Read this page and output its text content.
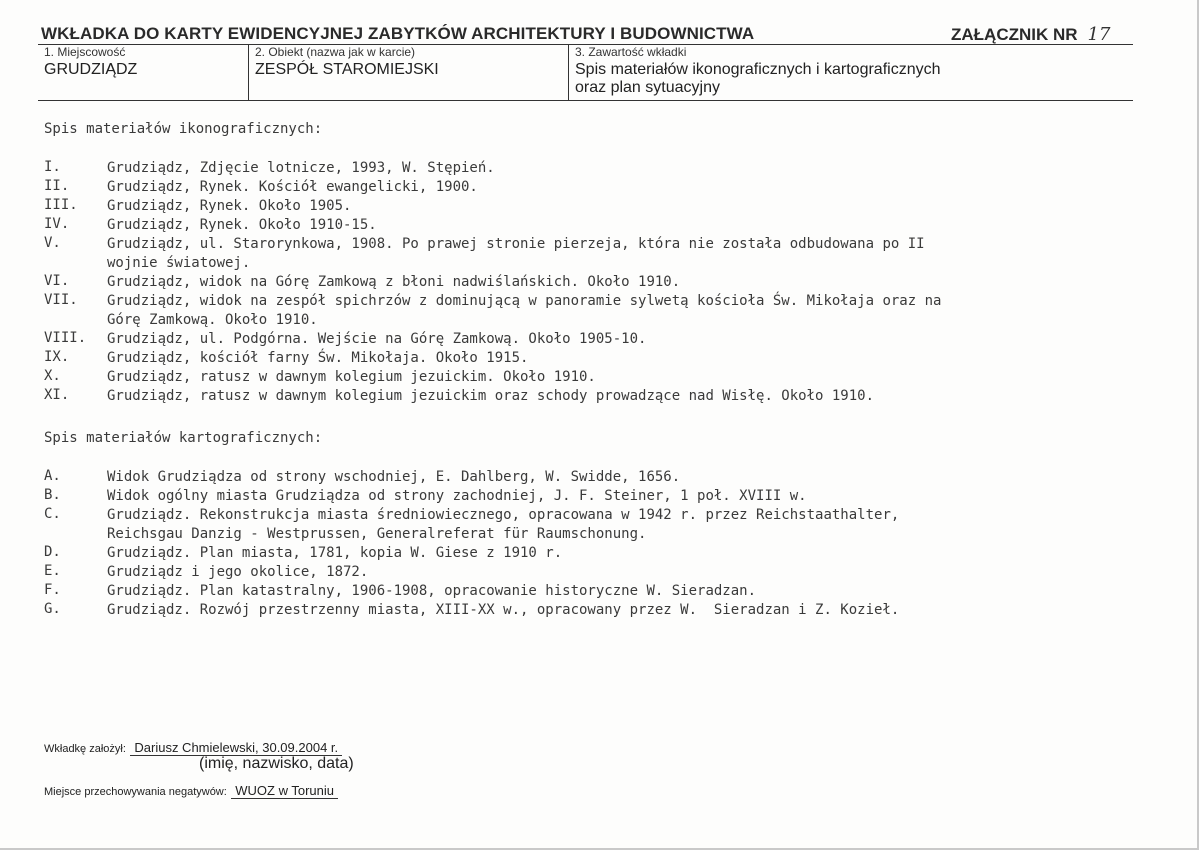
WKŁADKA DO KARTY EWIDENCYJNEJ ZABYTKÓW ARCHITEKTURY I BUDOWNICTWA	ZAŁĄCZNIK NR 17
1. Miejscowość
GRUDZIĄDZ
2. Obiekt (nazwa jak w karcie)
ZESPÓŁ STAROMIEJSKI
3. Zawartość wkładki
Spis materiałów ikonograficznych i kartograficznych
oraz plan sytuacyjny
Spis materiałów ikonograficznych:
I.	Grudziądz, Zdjęcie lotnicze, 1993, W. Stępień.
II.	Grudziądz, Rynek. Kościół ewangelicki, 1900.
III. Grudziądz, Rynek. Około 1905.
IV.	Grudziądz, Rynek. Około 1910-15.
V.	Grudziądz, ul. Starorynkowa, 1908. Po prawej stronie pierzeja, która nie została odbudowana po II
wojnie światowej.
VI.	Grudziądz, widok na Górę Zamkową z błoni nadwiślańskich. Około 1910.
VII. Grudziądz, widok na zespół spichrzów z dominującą w panoramie sylwetą kościoła Św. Mikołaja oraz na
Górę Zamkową. Około 1910.
VIII. Grudziądz, ul. Podgórna. Wejście na Górę Zamkową. Około 1905-10.
IX.	Grudziądz, kościół farny Św. Mikołaja. Około 1915.
X.	Grudziądz, ratusz w dawnym kolegium jezuickim. Około 1910.
XI.	Grudziądz, ratusz w dawnym kolegium jezuickim oraz schody prowadzące nad Wisłę. Około 1910.
Spis materiałów kartograficznych:
A.	Widok Grudziądza od strony wschodniej, E. Dahlberg, W. Swidde, 1656.
B.	Widok ogólny miasta Grudziądza od strony zachodniej, J. F. Steiner, 1 poł. XVIII w.
C.	Grudziądz. Rekonstrukcja miasta średniowiecznego, opracowana w 1942 r. przez Reichstaathalter,
Reichsgau Danzig - Westprussen, Generalreferat für Raumschonung.
D.	Grudziądz. Plan miasta, 1781, kopia W. Giese z 1910 r.
E.	Grudziądz i jego okolice, 1872.
F.	Grudziądz. Plan katastralny, 1906-1908, opracowanie historyczne W. Sieradzan.
G.	Grudziądz. Rozwój przestrzenny miasta, XIII-XX w., opracowany przez W.  Sieradzan i Z. Kozieł.
Wkładkę założył: Dariusz Chmielewski, 30.09.2004 r.
(imię, nazwisko, data)
Miejsce przechowywania negatywów: WUOZ w Toruniu
